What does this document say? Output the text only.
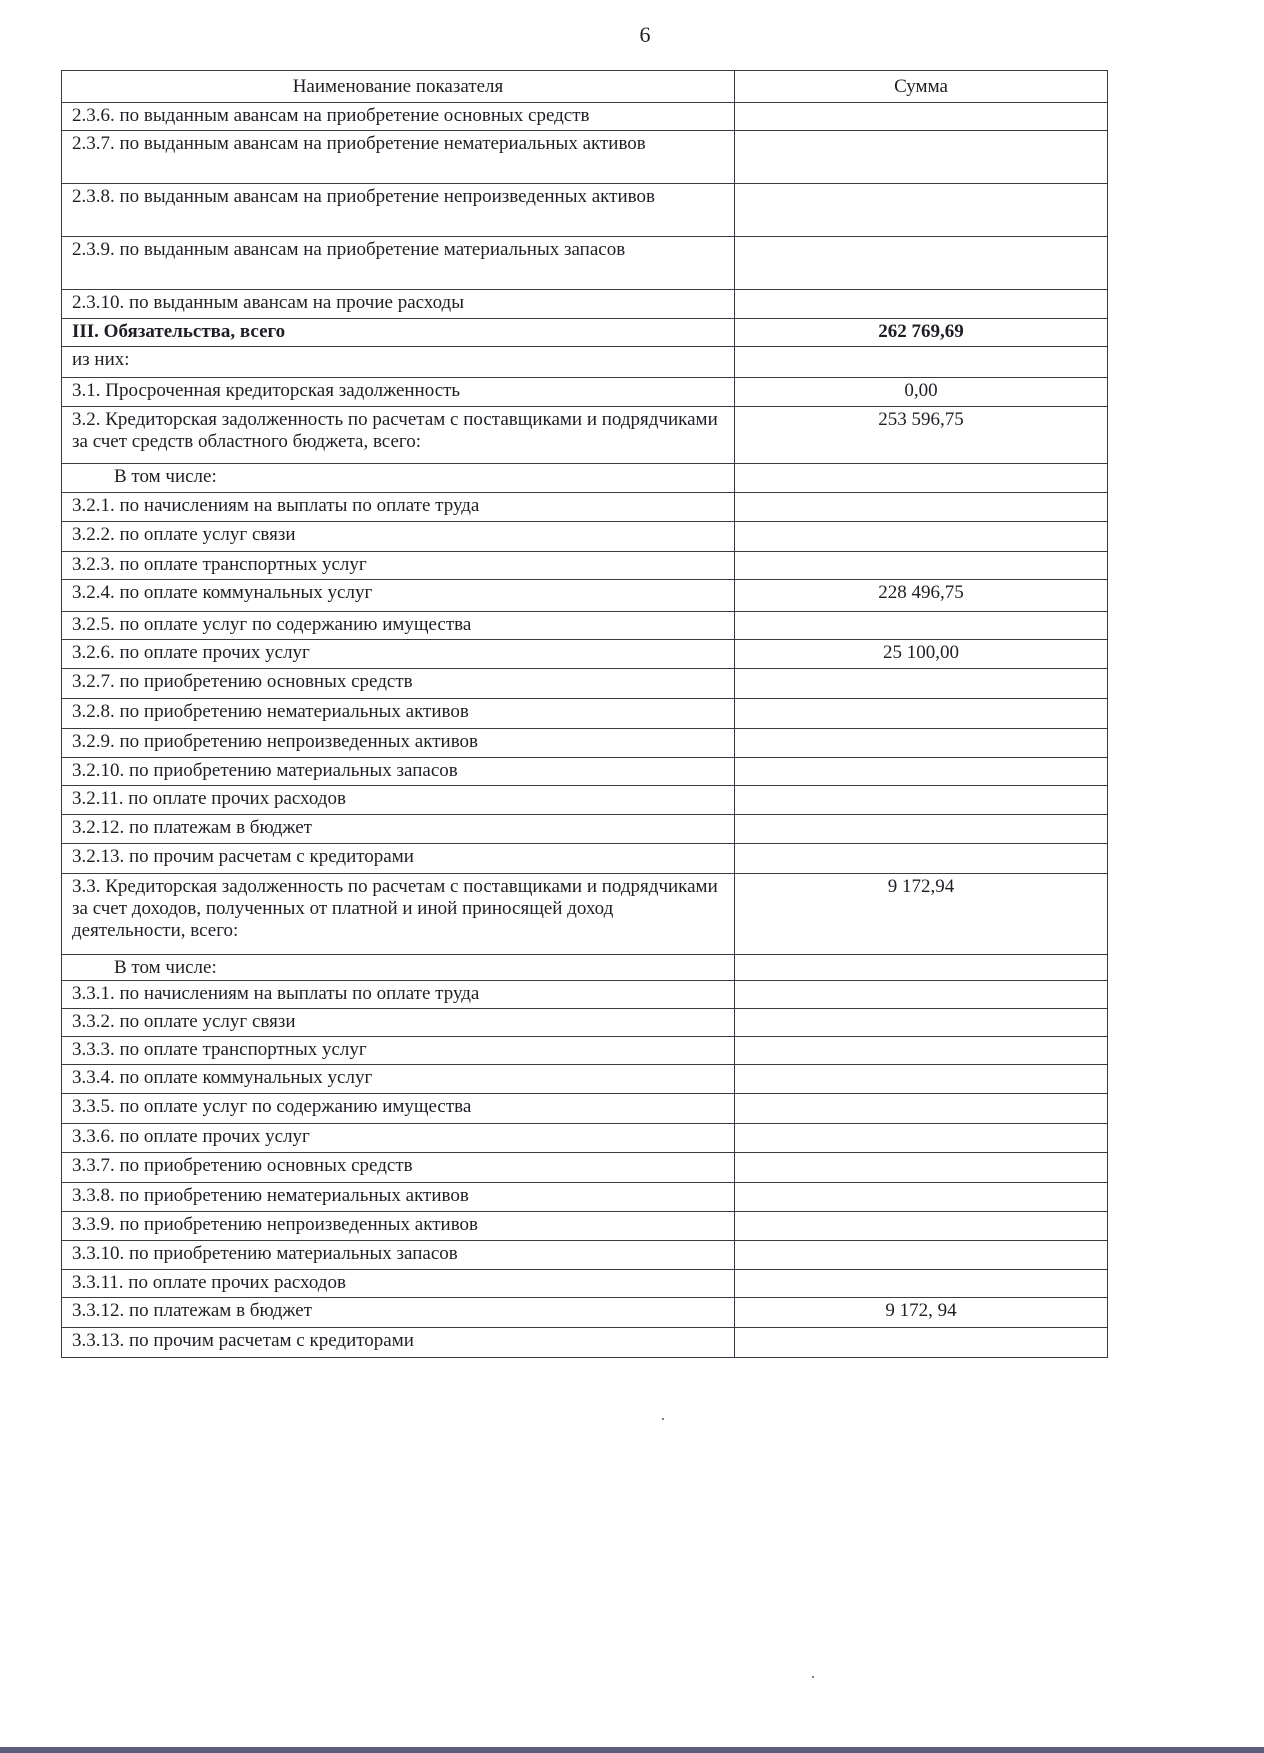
6
Наименование показателя	Сумма
2.3.6. по выданным авансам на приобретение основных средств	
2.3.7. по выданным авансам на приобретение нематериальных активов	
2.3.8. по выданным авансам на приобретение непроизведенных активов	
2.3.9. по выданным авансам на приобретение материальных запасов	
2.3.10. по выданным авансам на прочие расходы	
III. Обязательства, всего	262 769,69
из них:	
3.1. Просроченная кредиторская задолженность	0,00
3.2. Кредиторская задолженность по расчетам с поставщиками и подрядчиками за счет средств областного бюджета, всего:	253 596,75
В том числе:	
3.2.1. по начислениям на выплаты по оплате труда	
3.2.2. по оплате услуг связи	
3.2.3. по оплате транспортных услуг	
3.2.4. по оплате коммунальных услуг	228 496,75
3.2.5. по оплате услуг по содержанию имущества	
3.2.6. по оплате прочих услуг	25 100,00
3.2.7. по приобретению основных средств	
3.2.8. по приобретению нематериальных активов	
3.2.9. по приобретению непроизведенных активов	
3.2.10. по приобретению материальных запасов	
3.2.11. по оплате прочих расходов	
3.2.12. по платежам в бюджет	
3.2.13. по прочим расчетам с кредиторами	
3.3. Кредиторская задолженность по расчетам с поставщиками и подрядчиками за счет доходов, полученных от платной и иной приносящей доход деятельности, всего:	9 172,94
В том числе:	
3.3.1. по начислениям на выплаты по оплате труда	
3.3.2. по оплате услуг связи	
3.3.3. по оплате транспортных услуг	
3.3.4. по оплате коммунальных услуг	
3.3.5. по оплате услуг по содержанию имущества	
3.3.6. по оплате прочих услуг	
3.3.7. по приобретению основных средств	
3.3.8. по приобретению нематериальных активов	
3.3.9. по приобретению непроизведенных активов	
3.3.10. по приобретению материальных запасов	
3.3.11. по оплате прочих расходов	
3.3.12. по платежам в бюджет	9 172, 94
3.3.13. по прочим расчетам с кредиторами	
